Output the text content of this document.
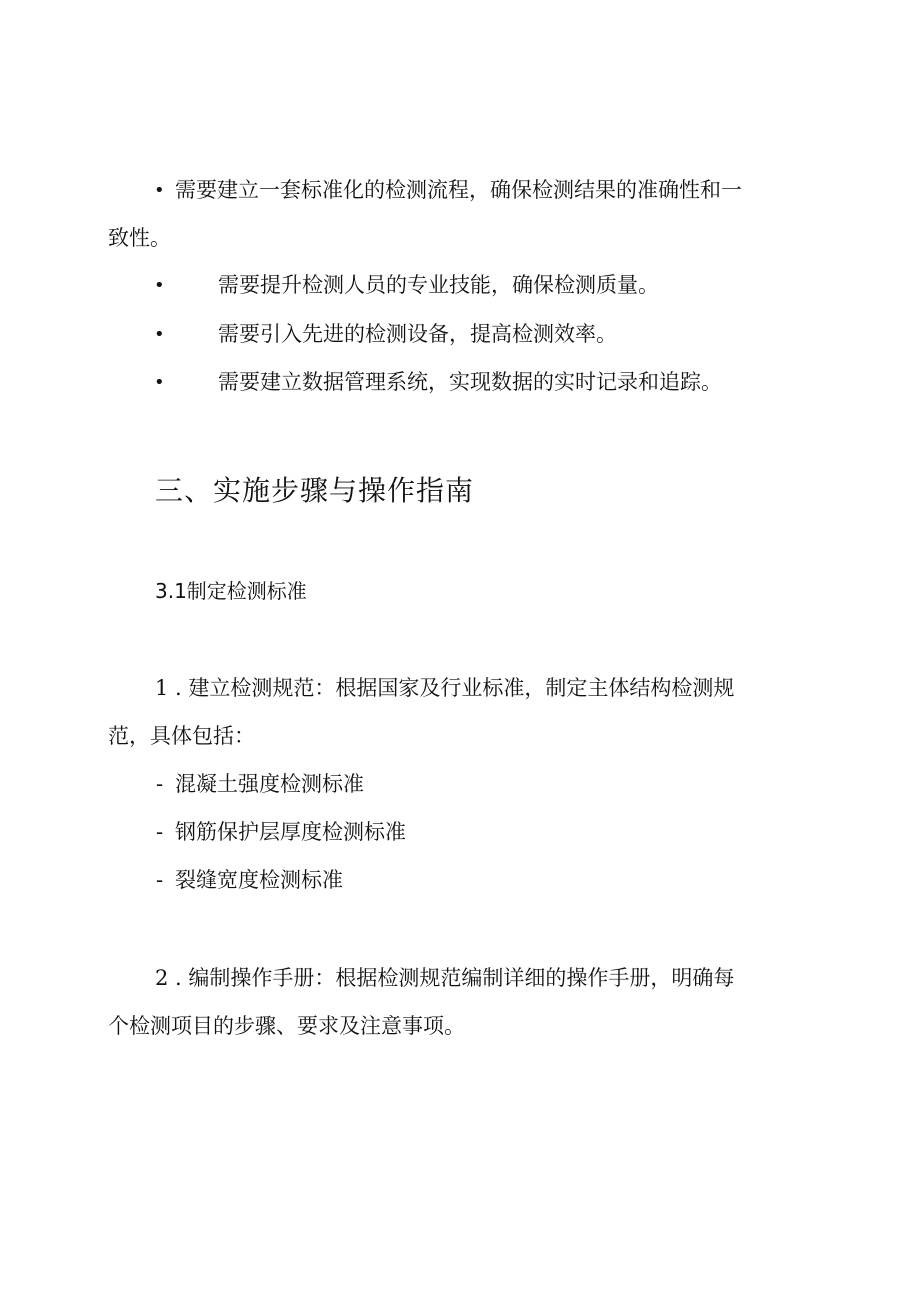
• 需要建立一套标准化的检测流程，确保检测结果的准确性和一
致性。
•	需要提升检测人员的专业技能，确保检测质量。
•	需要引入先进的检测设备，提高检测效率。
•	需要建立数据管理系统，实现数据的实时记录和追踪。
三、实施步骤与操作指南
3.1制定检测标准
1 . 建立检测规范：根据国家及行业标准，制定主体结构检测规
范，具体包括：
- 混凝土强度检测标准
- 钢筋保护层厚度检测标准
- 裂缝宽度检测标准
2 . 编制操作手册：根据检测规范编制详细的操作手册，明确每
个检测项目的步骤、要求及注意事项。
